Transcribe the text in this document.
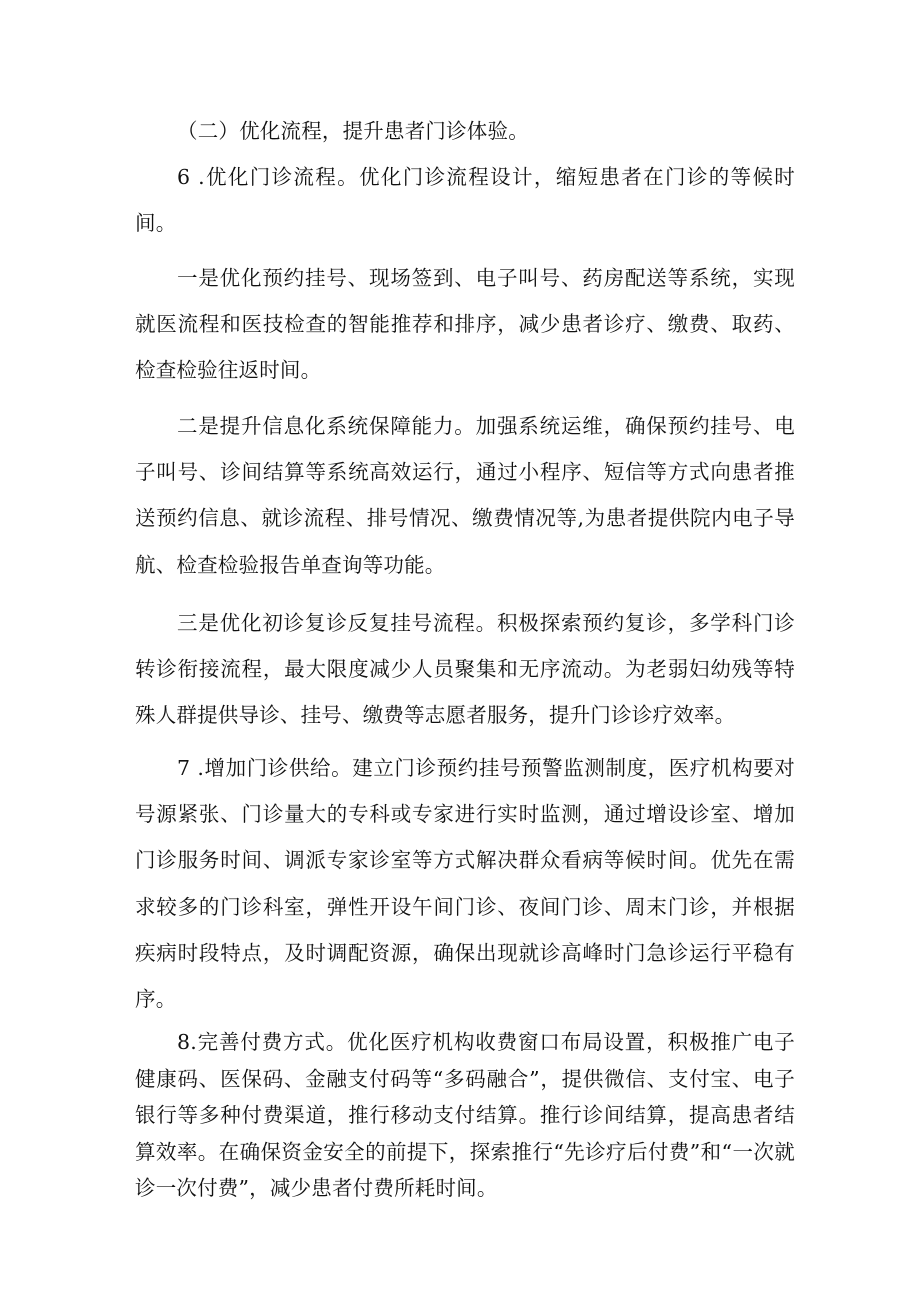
（二）优化流程，提升患者门诊体验。

6 .优化门诊流程。优化门诊流程设计，缩短患者在门诊的等候时间。

一是优化预约挂号、现场签到、电子叫号、药房配送等系统，实现就医流程和医技检查的智能推荐和排序，减少患者诊疗、缴费、取药、检查检验往返时间。

二是提升信息化系统保障能力。加强系统运维，确保预约挂号、电子叫号、诊间结算等系统高效运行，通过小程序、短信等方式向患者推送预约信息、就诊流程、排号情况、缴费情况等,为患者提供院内电子导航、检查检验报告单查询等功能。

三是优化初诊复诊反复挂号流程。积极探索预约复诊，多学科门诊转诊衔接流程，最大限度减少人员聚集和无序流动。为老弱妇幼残等特殊人群提供导诊、挂号、缴费等志愿者服务，提升门诊诊疗效率。

7 .增加门诊供给。建立门诊预约挂号预警监测制度，医疗机构要对号源紧张、门诊量大的专科或专家进行实时监测，通过增设诊室、增加门诊服务时间、调派专家诊室等方式解决群众看病等候时间。优先在需求较多的门诊科室，弹性开设午间门诊、夜间门诊、周末门诊，并根据疾病时段特点，及时调配资源，确保出现就诊高峰时门急诊运行平稳有序。

8.完善付费方式。优化医疗机构收费窗口布局设置，积极推广电子健康码、医保码、金融支付码等“多码融合”，提供微信、支付宝、电子银行等多种付费渠道，推行移动支付结算。推行诊间结算，提高患者结算效率。在确保资金安全的前提下，探索推行“先诊疗后付费”和“一次就诊一次付费”，减少患者付费所耗时间。
